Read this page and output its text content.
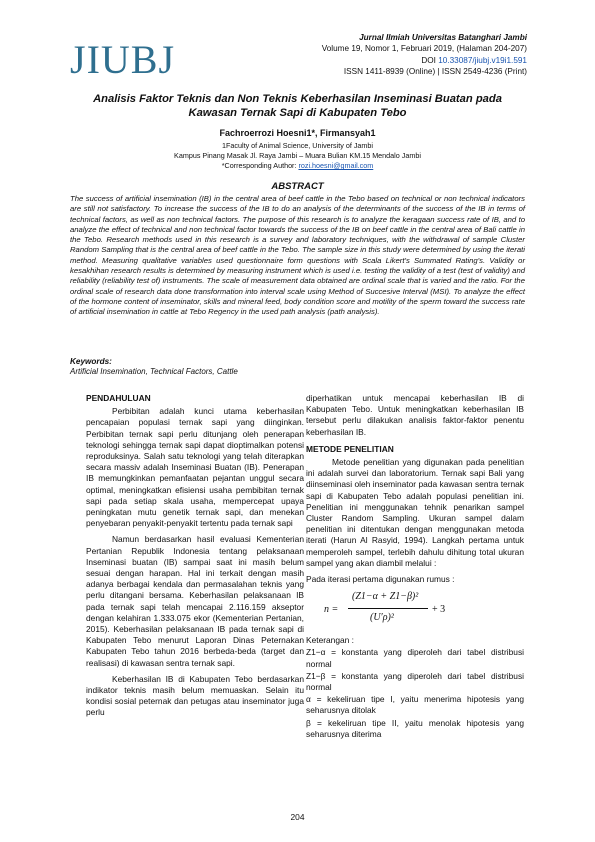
JIUBJ	Jurnal Ilmiah Universitas Batanghari Jambi
Volume 19, Nomor 1, Februari 2019, (Halaman 204-207)
DOI 10.33087/jiubj.v19i1.591
ISSN 1411-8939 (Online) | ISSN 2549-4236 (Print)
Analisis Faktor Teknis dan Non Teknis Keberhasilan Inseminasi Buatan pada Kawasan Ternak Sapi di Kabupaten Tebo
Fachroerrozi Hoesni1*, Firmansyah1
1Faculty of Animal Science, University of Jambi
Kampus Pinang Masak Jl. Raya Jambi – Muara Bulian KM.15 Mendalo Jambi
*Corresponding Author: rozi.hoesni@gmail.com
ABSTRACT

The success of artificial insemination (IB) in the central area of beef cattle in the Tebo based on technical or non technical indicators are still not satisfactory. To increase the success of the IB to do an analysis of the determinants of the success of the IB in terms of technical factors, as well as non technical factors. The purpose of this research is to analyze the keragaan success rate of IB, and to analyze the effect of technical and non technical factor towards the success of the IB on beef cattle in the central area of Bali cattle in the Tebo. Research methods used in this research is a survey and laboratory techniques, with the withdrawal of sample Cluster Random Sampling that is the central area of beef cattle in the Tebo. The sample size in this study were determined by using the iterati method. Measuring qualitative variables used questionnaire form questions with Scala Likert's Summated Rating's. Validity or kesakhihan research results is determined by measuring instrument which is used i.e. testing the validity of a test (test of validity) and reliability (reliability test of) instruments. The scale of measurement data obtained are ordinal scale that is varied and the ratio. For the ordinal scale of research data done transformation into interval scale using Method of Succesive Interval (MSI). To analyze the effect of the hormone content of inseminator, skills and mineral feed, body condition score and motility of the sperm toward the success rate of artificial insemination in cattle at Tebo Regency in the used path analysis (path analysis).

Keywords:
Artificial Insemination, Technical Factors, Cattle
PENDAHULUAN

Perbibitan adalah kunci utama keberhasilan pencapaian populasi ternak sapi yang diinginkan. Perbibitan ternak sapi perlu ditunjang oleh penerapan teknologi sehingga ternak sapi dapat dioptimalkan potensi reproduksinya. Salah satu teknologi yang telah diterapkan secara massiv adalah Inseminasi Buatan (IB). Penerapan IB memungkinkan pemanfaatan pejantan unggul secara optimal, meningkatkan efisiensi usaha pembibitan ternak sapi pada setiap skala usaha, mempercepat upaya peningkatan mutu genetik ternak sapi, dan menekan penyebaran penyakit-penyakit tertentu pada ternak sapi

Namun berdasarkan hasil evaluasi Kementerian Pertanian Republik Indonesia tentang pelaksanaan Inseminasi buatan (IB) sampai saat ini masih belum sesuai dengan harapan. Hal ini terkait dengan masih adanya berbagai kendala dan permasalahan teknis yang perlu ditangani bersama. Keberhasilan pelaksanaan IB pada ternak sapi telah mencapai 2.116.159 akseptor dengan kelahiran 1.333.075 ekor (Kementerian Pertanian, 2015). Keberhasilan pelaksanaan IB pada ternak sapi di Kabupaten Tebo menurut Laporan Dinas Peternakan Kabupaten Tebo tahun 2016 berbeda-beda (target dan realisasi) di kawasan sentra ternak sapi.

Keberhasilan IB di Kabupaten Tebo berdasarkan indikator teknis masih belum memuaskan. Selain itu kondisi sosial peternak dan petugas atau inseminator juga perlu

diperhatikan untuk mencapai keberhasilan IB di Kabupaten Tebo. Untuk meningkatkan keberhasilan IB tersebut perlu dilakukan analisis faktor-faktor penentu keberhasilan IB.

METODE PENELITIAN

Metode penelitian yang digunakan pada penelitian ini adalah survei dan laboratorium. Ternak sapi Bali yang diinseminasi oleh inseminator pada kawasan sentra ternak sapi di Kabupaten Tebo adalah populasi penelitian ini. Penelitian ini menggunakan tehnik penarikan sampel Cluster Random Sampling. Ukuran sampel dalam penelitian ini ditentukan dengan menggunakan metoda iterati (Harun Al Rasyid, 1994). Langkah pertama untuk memperoleh sampel, terlebih dahulu dihitung total ukuran sampel yang akan diambil melalui :

Pada iterasi pertama digunakan rumus :
n =
(Z1−α + Z1−β)²
(U′ρ)²
+ 3
Keterangan :
Z1−α = konstanta yang diperoleh dari tabel distribusi normal
Z1−β = konstanta yang diperoleh dari tabel distribusi normal
α = kekeliruan tipe I, yaitu menerima hipotesis yang seharusnya ditolak
β = kekeliruan tipe II, yaitu menolak hipotesis yang seharusnya diterima
204
